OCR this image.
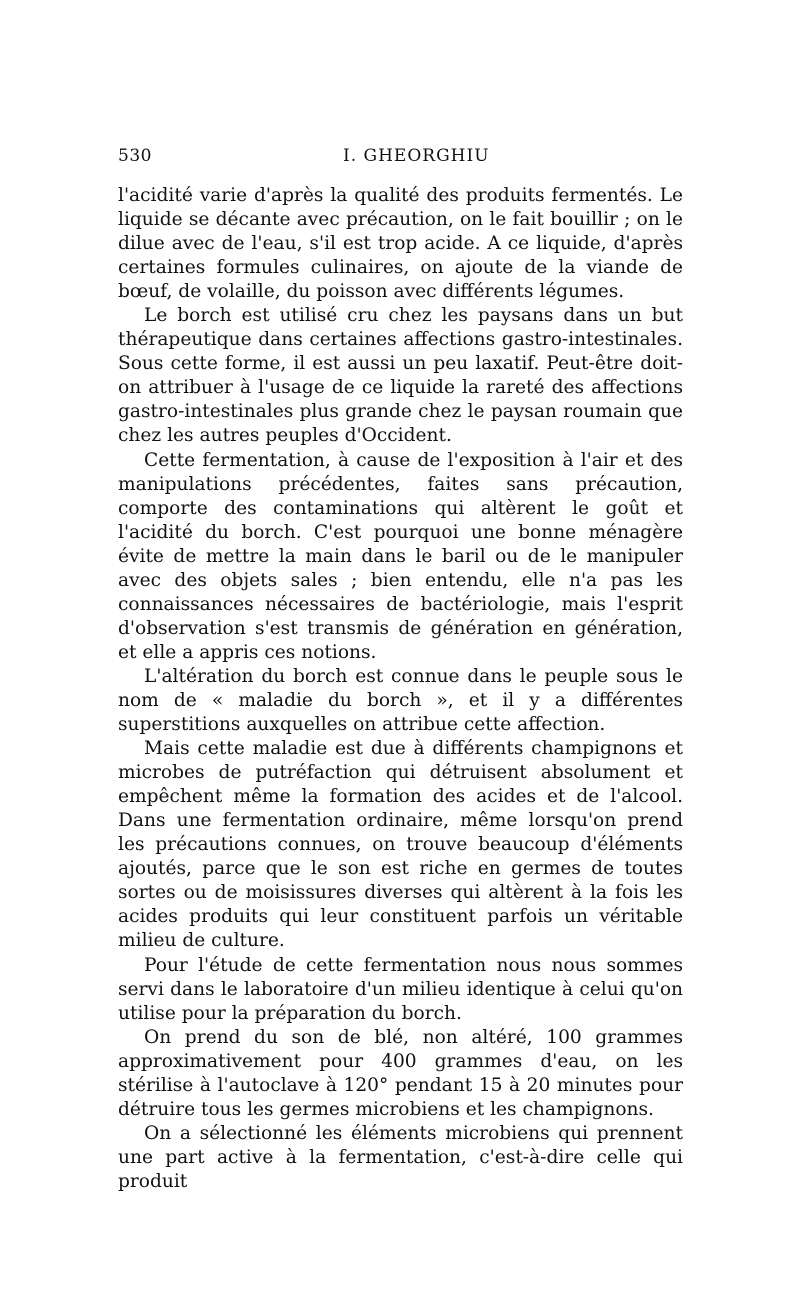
530	I. GHEORGHIU

l'acidité varie d'après la qualité des produits fermentés. Le liquide se décante avec précaution, on le fait bouillir ; on le dilue avec de l'eau, s'il est trop acide. A ce liquide, d'après certaines formules culinaires, on ajoute de la viande de bœuf, de volaille, du poisson avec différents légumes.

Le borch est utilisé cru chez les paysans dans un but thérapeutique dans certaines affections gastro-intestinales. Sous cette forme, il est aussi un peu laxatif. Peut-être doit-on attribuer à l'usage de ce liquide la rareté des affections gastro-intestinales plus grande chez le paysan roumain que chez les autres peuples d'Occident.

Cette fermentation, à cause de l'exposition à l'air et des manipulations précédentes, faites sans précaution, comporte des contaminations qui altèrent le goût et l'acidité du borch. C'est pourquoi une bonne ménagère évite de mettre la main dans le baril ou de le manipuler avec des objets sales ; bien entendu, elle n'a pas les connaissances nécessaires de bactériologie, mais l'esprit d'observation s'est transmis de génération en génération, et elle a appris ces notions.

L'altération du borch est connue dans le peuple sous le nom de « maladie du borch », et il y a différentes superstitions auxquelles on attribue cette affection.

Mais cette maladie est due à différents champignons et microbes de putréfaction qui détruisent absolument et empêchent même la formation des acides et de l'alcool. Dans une fermentation ordinaire, même lorsqu'on prend les précautions connues, on trouve beaucoup d'éléments ajoutés, parce que le son est riche en germes de toutes sortes ou de moisissures diverses qui altèrent à la fois les acides produits qui leur constituent parfois un véritable milieu de culture.

Pour l'étude de cette fermentation nous nous sommes servi dans le laboratoire d'un milieu identique à celui qu'on utilise pour la préparation du borch.

On prend du son de blé, non altéré, 100 grammes approximativement pour 400 grammes d'eau, on les stérilise à l'autoclave à 120° pendant 15 à 20 minutes pour détruire tous les germes microbiens et les champignons.

On a sélectionné les éléments microbiens qui prennent une part active à la fermentation, c'est-à-dire celle qui produit
